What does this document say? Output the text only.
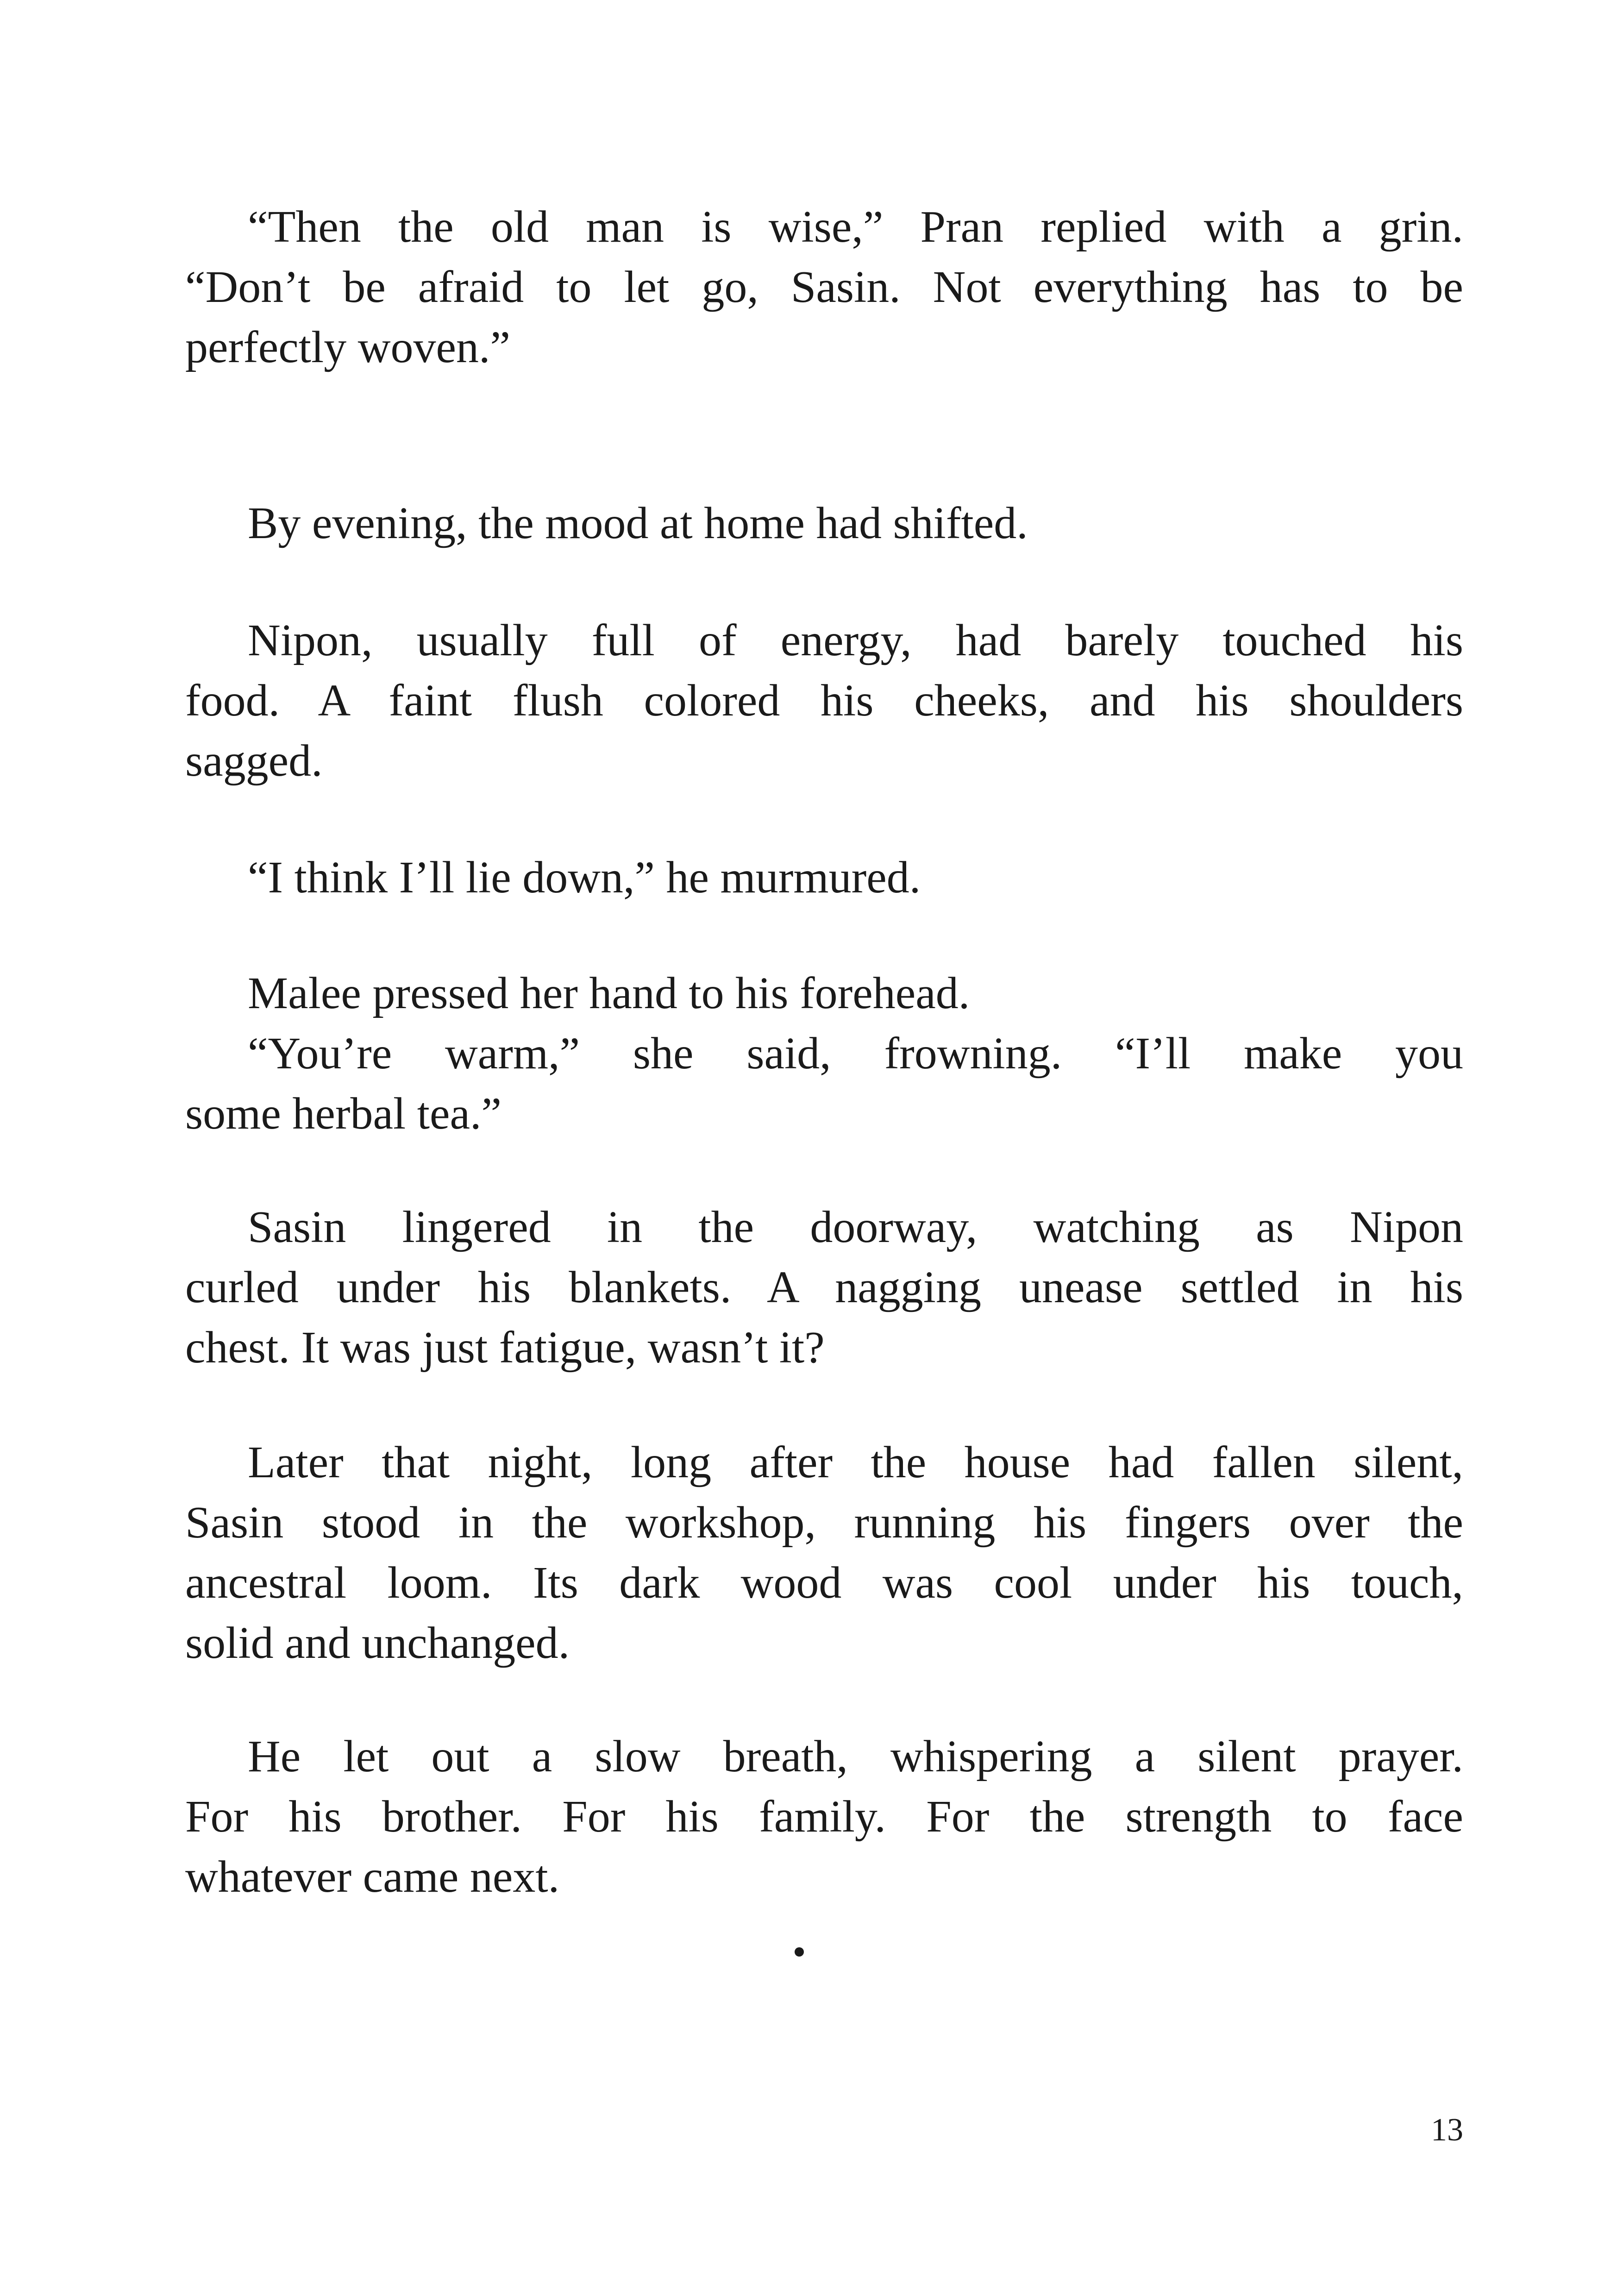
“Then the old man is wise,” Pran replied with a grin.
“Don’t be afraid to let go, Sasin. Not everything has to be
perfectly woven.”
By evening, the mood at home had shifted.
Nipon, usually full of energy, had barely touched his
food. A faint flush colored his cheeks, and his shoulders
sagged.
“I think I’ll lie down,” he murmured.
Malee pressed her hand to his forehead.
“You’re warm,” she said, frowning. “I’ll make you
some herbal tea.”
Sasin lingered in the doorway, watching as Nipon
curled under his blankets. A nagging unease settled in his
chest. It was just fatigue, wasn’t it?
Later that night, long after the house had fallen silent,
Sasin stood in the workshop, running his fingers over the
ancestral loom. Its dark wood was cool under his touch,
solid and unchanged.
He let out a slow breath, whispering a silent prayer.
For his brother. For his family. For the strength to face
whatever came next.
13
